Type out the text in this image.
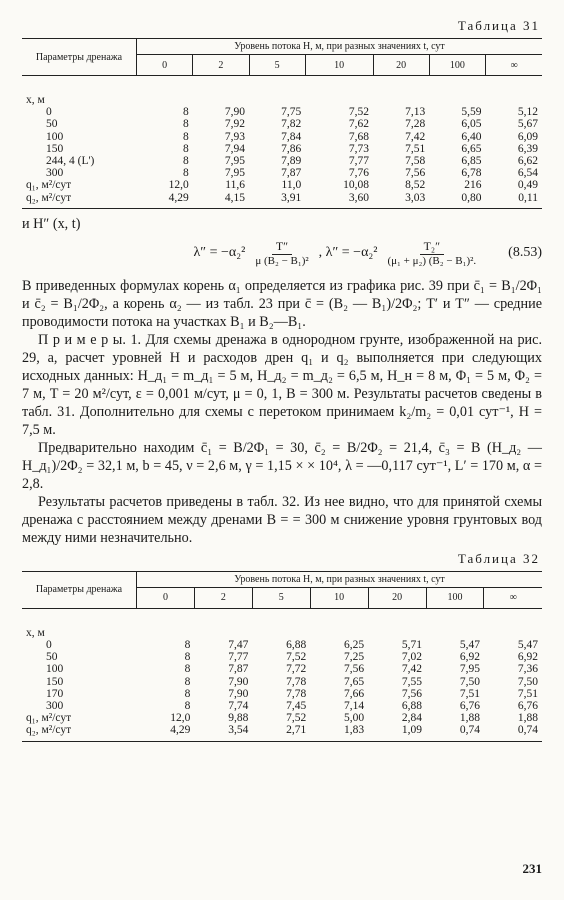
Таблица 31
Параметры дренажа	Уровень потока H, м, при разных значениях t, сут						
	0	2	5	10	20	100	∞

x, м							
0	8	7,90	7,75	7,52	7,13	5,59	5,12
50	8	7,92	7,82	7,62	7,28	6,05	5,67
100	8	7,93	7,84	7,68	7,42	6,40	6,09
150	8	7,94	7,86	7,73	7,51	6,65	6,39
244, 4 (L')	8	7,95	7,89	7,77	7,58	6,85	6,62
300	8	7,95	7,87	7,76	7,56	6,78	6,54
q₁, м²/сут	12,0	11,6	11,0	10,08	8,52	216	0,49
q₂, м²/сут	4,29	4,15	3,91	3,60	3,03	0,80	0,11

и H″ (x, t)

$\lambda'' = -\alpha_2^2 \frac{T''}{\text{μ (B₂ − B₁)²}}$ , $\lambda'' = -\alpha_2^2 \frac{\text{T₂″}}{\text{(μ₁ + μ₂) (B₂ − B₁)².}} (8.53)$

В приведенных формулах корень α₁ определяется из графика рис. 39 при c̄₁ = B₁/2Φ₁ и c̄₂ = B₁/2Φ₂, а корень α₂ — из табл. 23 при c̄ = (B₂ — B₁)/2Φ₂; T′ и T″ — средние проводимости потока на участках B₁ и B₂—B₁.

П р и м е р ы. 1. Для схемы дренажа в однородном грунте, изображенной на рис. 29, а, расчет уровней H и расходов дрен q₁ и q₂ выполняется при следующих исходных данных: H_д₁ = m_д₁ = 5 м, H_д₂ = m_д₂ = 6,5 м, H_н = 8 м, Φ₁ = 5 м, Φ₂ = 7 м, T = 20 м²/сут, ε = 0,001 м/сут, μ = 0, 1, B = 300 м. Результаты расчетов сведены в табл. 31. Дополнительно для схемы с перетоком принимаем k₂/m₂ = 0,01 сут⁻¹, H = 7,5 м.

Предварительно находим c̄₁ = B/2Φ₁ = 30, c̄₂ = B/2Φ₂ = 21,4, c̄₃ = B (H_д₂ — H_д₁)/2Φ₂ = 32,1 м, b = 45, ν = 2,6 м, γ = 1,15 × × 10⁴, λ = —0,117 сут⁻¹, L′ = 170 м, α = 2,8.

Результаты расчетов приведены в табл. 32. Из нее видно, что для принятой схемы дренажа с расстоянием между дренами B = = 300 м снижение уровня грунтовых вод между ними незначительно.

Таблица 32
Параметры дренажа	Уровень потока H, м, при разных значениях t, сут						
	0	2	5	10	20	100	∞

x, м							
0	8	7,47	6,88	6,25	5,71	5,47	5,47
50	8	7,77	7,52	7,25	7,02	6,92	6,92
100	8	7,87	7,72	7,56	7,42	7,95	7,36
150	8	7,90	7,78	7,65	7,55	7,50	7,50
170	8	7,90	7,78	7,66	7,56	7,51	7,51
300	8	7,74	7,45	7,14	6,88	6,76	6,76
q₁, м²/сут	12,0	9,88	7,52	5,00	2,84	1,88	1,88
q₂, м²/сут	4,29	3,54	2,71	1,83	1,09	0,74	0,74
231
